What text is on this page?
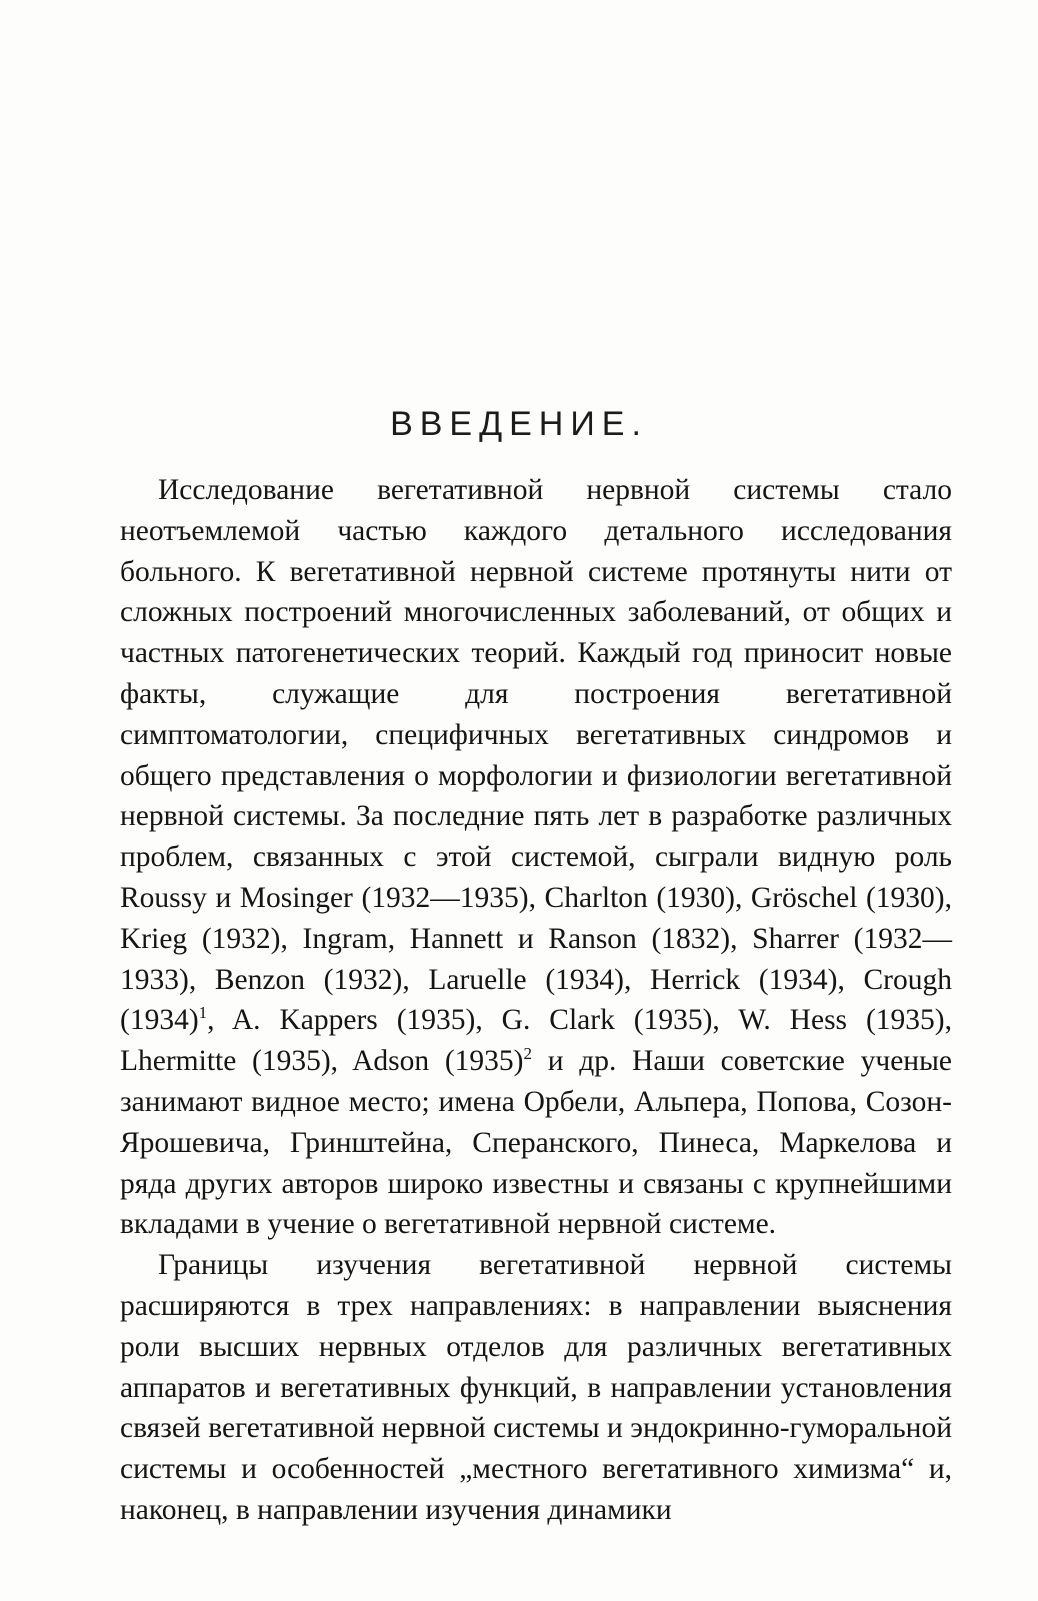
ВВЕДЕНИЕ.

Исследование вегетативной нервной системы стало неотъемлемой частью каждого детального исследования больного. К вегетативной нервной системе протянуты нити от сложных построений многочисленных заболеваний, от общих и частных патогенетических теорий. Каждый год приносит новые факты, служащие для построения вегетативной симптоматологии, специфичных вегетативных синдромов и общего представления о морфологии и физиологии вегетативной нервной системы. За последние пять лет в разработке различных проблем, связанных с этой системой, сыграли видную роль Roussy и Mosinger (1932—1935), Charlton (1930), Gröschel (1930), Krieg (1932), Ingram, Hannett и Ranson (1832), Sharrer (1932—1933), Benzon (1932), Laruelle (1934), Herrick (1934), Crough $(1934)^1$, A. Kappers (1935), G. Clark (1935), W. Hess (1935), Lhermitte (1935), Adson $(1935)^2$ и др. Наши советские ученые занимают видное место; имена Орбели, Альпера, Попова, Созон-Ярошевича, Гринштейна, Сперанского, Пинеса, Маркелова и ряда других авторов широко известны и связаны с крупнейшими вкладами в учение о вегетативной нервной системе.

Границы изучения вегетативной нервной системы расширяются в трех направлениях: в направлении выяснения роли высших нервных отделов для различных вегетативных аппаратов и вегетативных функций, в направлении установления связей вегетативной нервной системы и эндокринно-гуморальной системы и особенностей „местного вегетативного химизма“ и, наконец, в направлении изучения динамики
